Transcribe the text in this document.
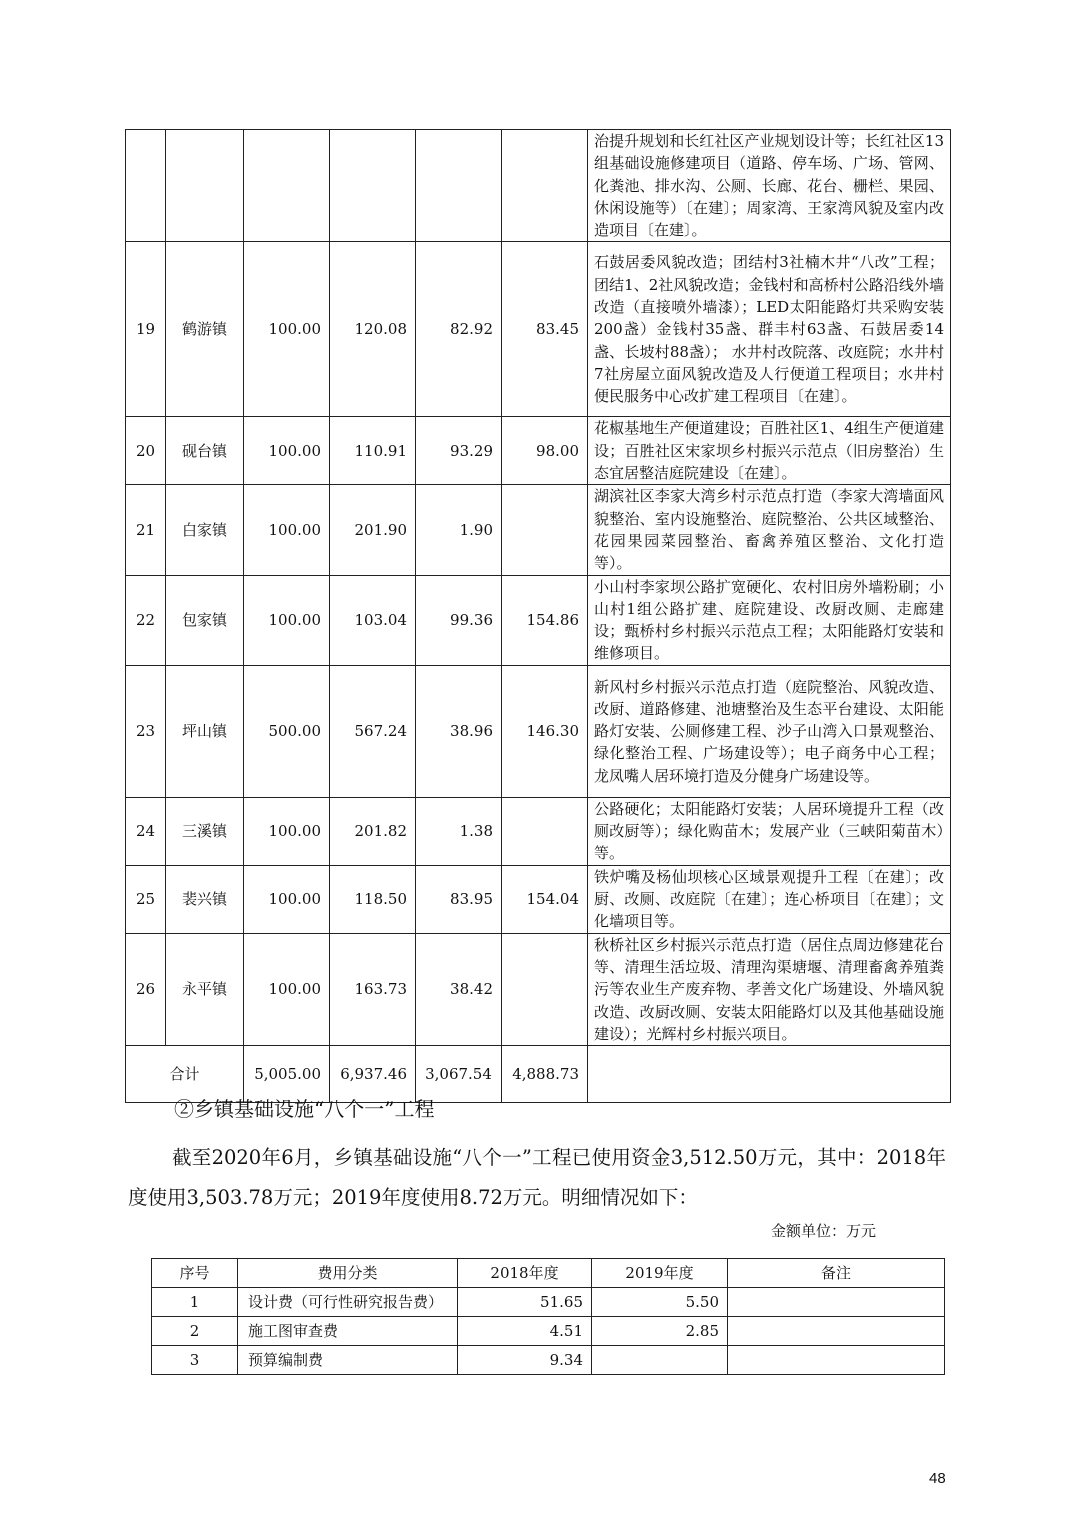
						治提升规划和长红社区产业规划设计等；长红社区13组基础设施修建项目（道路、停车场、广场、管网、化粪池、排水沟、公厕、长廊、花台、栅栏、果园、休闲设施等）〔在建〕；周家湾、王家湾风貌及室内改造项目〔在建〕。
19	鹤游镇	100.00	120.08	82.92	83.45	石鼓居委风貌改造；团结村3社楠木井“八改”工程；团结1、2社风貌改造；金钱村和高桥村公路沿线外墙改造（直接喷外墙漆）；LED太阳能路灯共采购安装200盏）金钱村35盏、群丰村63盏、石鼓居委14盏、长坡村88盏）； 水井村改院落、改庭院；水井村7社房屋立面风貌改造及人行便道工程项目；水井村便民服务中心改扩建工程项目〔在建〕。
20	砚台镇	100.00	110.91	93.29	98.00	花椒基地生产便道建设；百胜社区1、4组生产便道建设；百胜社区宋家坝乡村振兴示范点（旧房整治）生态宜居整洁庭院建设〔在建〕。
21	白家镇	100.00	201.90	1.90		湖滨社区李家大湾乡村示范点打造（李家大湾墙面风貌整治、室内设施整治、庭院整治、公共区域整治、花园果园菜园整治、畜禽养殖区整治、文化打造等）。
22	包家镇	100.00	103.04	99.36	154.86	小山村李家坝公路扩宽硬化、农村旧房外墙粉刷；小山村1组公路扩建、庭院建设、改厨改厕、走廊建设；甄桥村乡村振兴示范点工程；太阳能路灯安装和维修项目。
23	坪山镇	500.00	567.24	38.96	146.30	新风村乡村振兴示范点打造（庭院整治、风貌改造、改厨、道路修建、池塘整治及生态平台建设、太阳能路灯安装、公厕修建工程、沙子山湾入口景观整治、绿化整治工程、广场建设等）；电子商务中心工程；龙凤嘴人居环境打造及分健身广场建设等。
24	三溪镇	100.00	201.82	1.38		公路硬化；太阳能路灯安装；人居环境提升工程（改厕改厨等）；绿化购苗木；发展产业（三峡阳菊苗木）等。
25	裴兴镇	100.00	118.50	83.95	154.04	铁炉嘴及杨仙坝核心区域景观提升工程〔在建〕；改厨、改厕、改庭院〔在建〕；连心桥项目〔在建〕；文化墙项目等。
26	永平镇	100.00	163.73	38.42		秋桥社区乡村振兴示范点打造（居住点周边修建花台等、清理生活垃圾、清理沟渠塘堰、清理畜禽养殖粪污等农业生产废弃物、孝善文化广场建设、外墙风貌改造、改厨改厕、安装太阳能路灯以及其他基础设施建设）；光辉村乡村振兴项目。
合计		5,005.00	6,937.46	3,067.54	4,888.73	
②乡镇基础设施“八个一”工程

截至2020年6月，乡镇基础设施“八个一”工程已使用资金3,512.50万元，其中：2018年度使用3,503.78万元；2019年度使用8.72万元。明细情况如下：

金额单位：万元
序号	费用分类	2018年度	2019年度	备注
1	设计费（可行性研究报告费）	51.65	5.50	
2	施工图审查费	4.51	2.85	
3	预算编制费	9.34		
48
